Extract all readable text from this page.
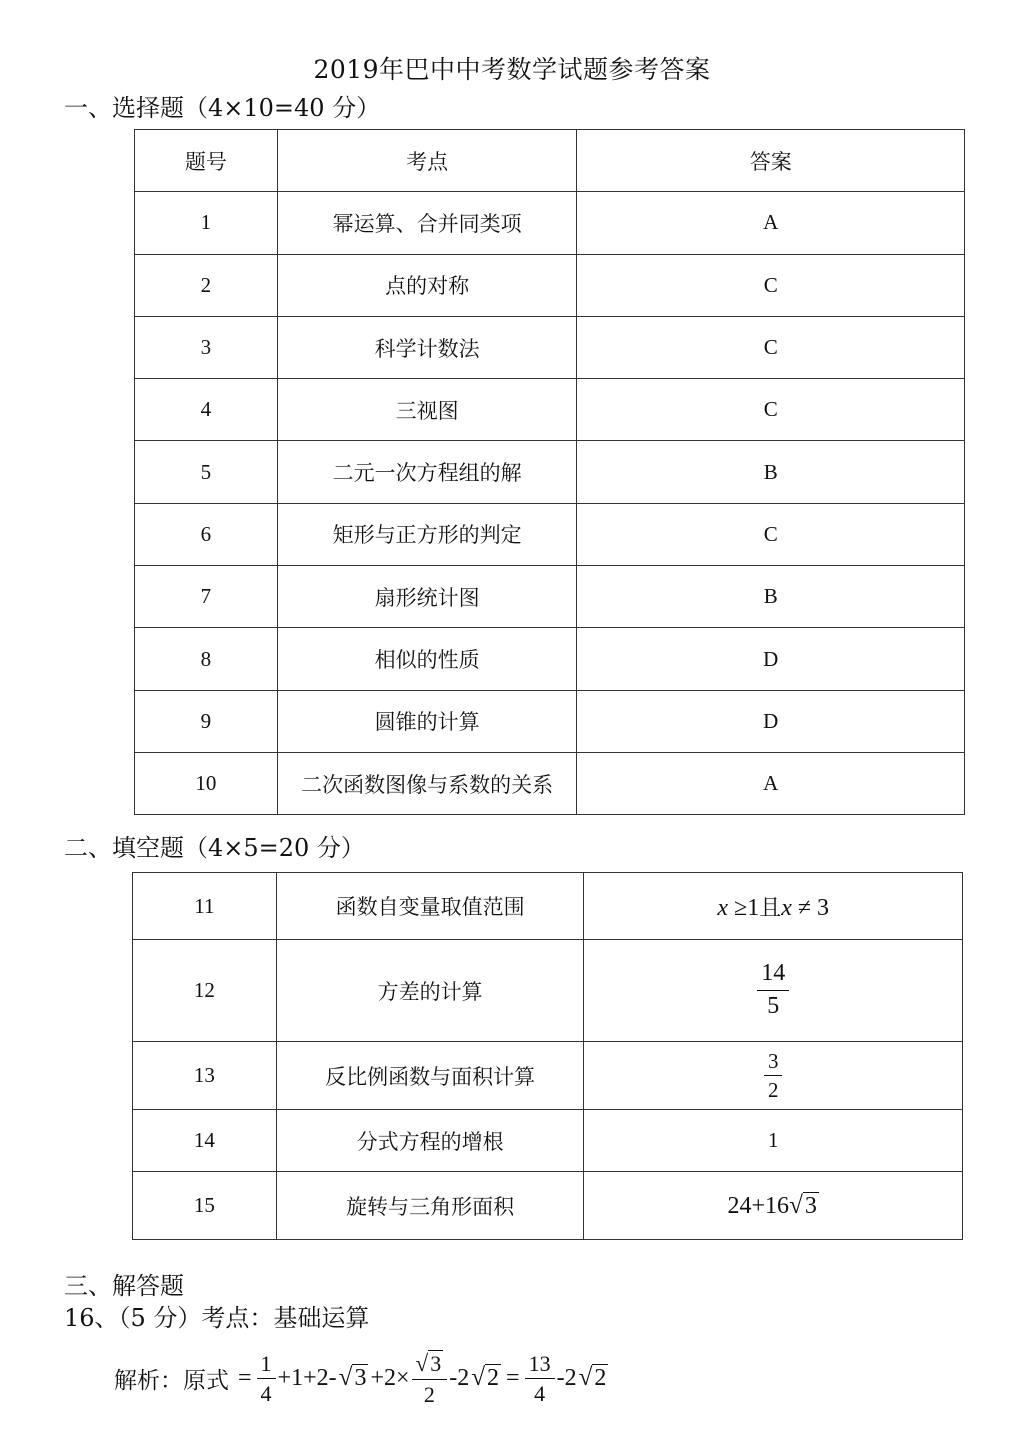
2019年巴中中考数学试题参考答案
一、选择题（4×10=40 分）
题号	考点	答案
1	幂运算、合并同类项	A
2	点的对称	C
3	科学计数法	C
4	三视图	C
5	二元一次方程组的解	B
6	矩形与正方形的判定	C
7	扇形统计图	B
8	相似的性质	D
9	圆锥的计算	D
10	二次函数图像与系数的关系	A
二、填空题（4×5=20 分）
11	函数自变量取值范围	x ≥1且x ≠ 3
12	方差的计算	$\frac{14}{5}$

13	反比例函数与面积计算	$\frac{3}{2}$

14	分式方程的增根	1
15	旋转与三角形面积	24+16 √ 3
三、解答题
16、（5 分）考点：基础运算
解析：原式 = $\frac{1}{4} +1+2-$ √ $3 +2\times \frac{√ 3}{2} -2$ √ $2 = \frac{13}{4} -2$ √ 2
